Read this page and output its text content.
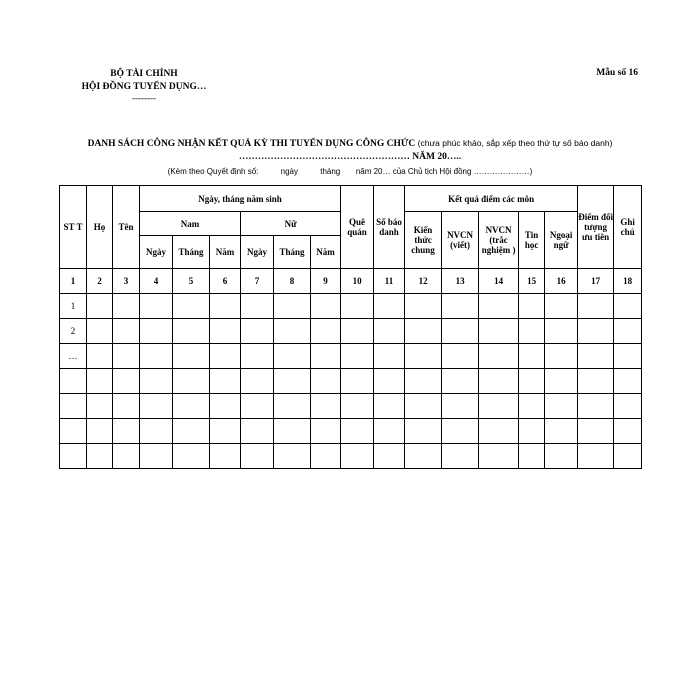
BỘ TÀI CHÍNH
HỘI ĐỒNG TUYỂN DỤNG…
--------
Mẫu số 16
DANH SÁCH CÔNG NHẬN KẾT QUẢ KỲ THI TUYỂN DỤNG CÔNG CHỨC (chưa phúc khảo, sắp xếp theo thứ tự số báo danh)
……………………………………………… NĂM 20…..
(Kèm theo Quyết định số:	ngày	tháng năm 20… của Chủ tịch Hội đồng …………………)
ST T	Họ	Tên	Ngày, tháng năm sinh						Quê quán	Số báo danh	Kết quả điểm các môn					Điểm đối tượng ưu tiên	Ghi chú
			Nam			Nữ					Kiến thức chung	NVCN (viết)	NVCN (trắc nghiệm )	Tin học	Ngoại ngữ		
			Ngày	Tháng	Năm	Ngày	Tháng	Năm									
1	2	3	4	5	6	7	8	9	10	11	12	13	14	15	16	17	18
1																	
2																	
…																	
